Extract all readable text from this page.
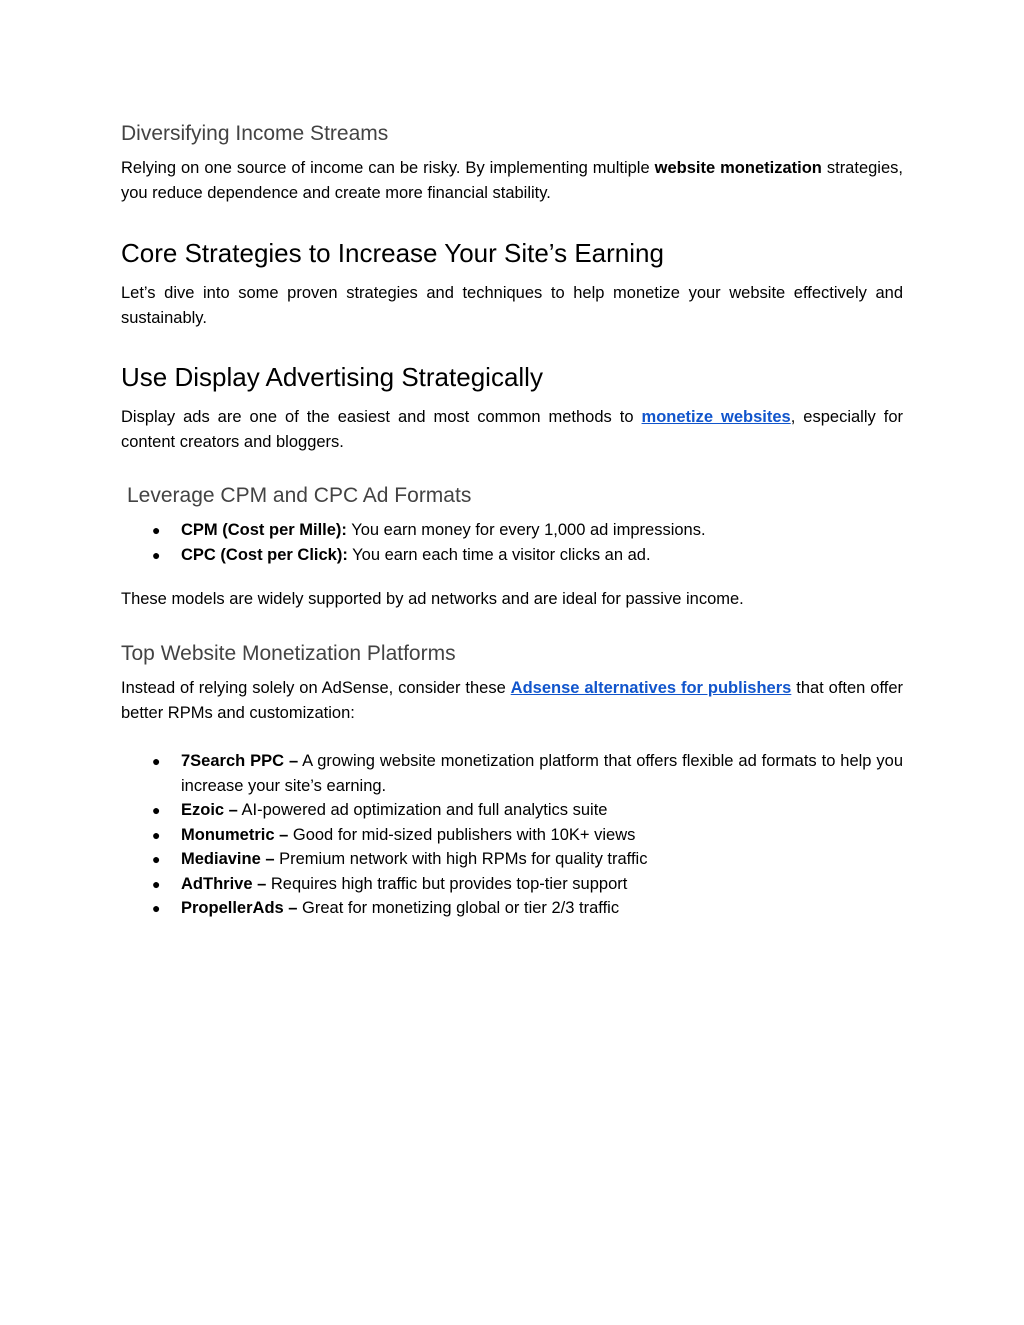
Diversifying Income Streams

Relying on one source of income can be risky. By implementing multiple website monetization strategies, you reduce dependence and create more financial stability.

Core Strategies to Increase Your Site’s Earning

Let’s dive into some proven strategies and techniques to help monetize your website effectively and sustainably.

Use Display Advertising Strategically

Display ads are one of the easiest and most common methods to monetize websites, especially for content creators and bloggers.

Leverage CPM and CPC Ad Formats
● CPM (Cost per Mille): You earn money for every 1,000 ad impressions.
● CPC (Cost per Click): You earn each time a visitor clicks an ad.

These models are widely supported by ad networks and are ideal for passive income.

Top Website Monetization Platforms

Instead of relying solely on AdSense, consider these Adsense alternatives for publishers that often offer better RPMs and customization:

● 7Search PPC – A growing website monetization platform that offers flexible ad formats to help you increase your site’s earning.
● Ezoic – AI-powered ad optimization and full analytics suite
● Monumetric – Good for mid-sized publishers with 10K+ views
● Mediavine – Premium network with high RPMs for quality traffic
● AdThrive – Requires high traffic but provides top-tier support
● PropellerAds – Great for monetizing global or tier 2/3 traffic
